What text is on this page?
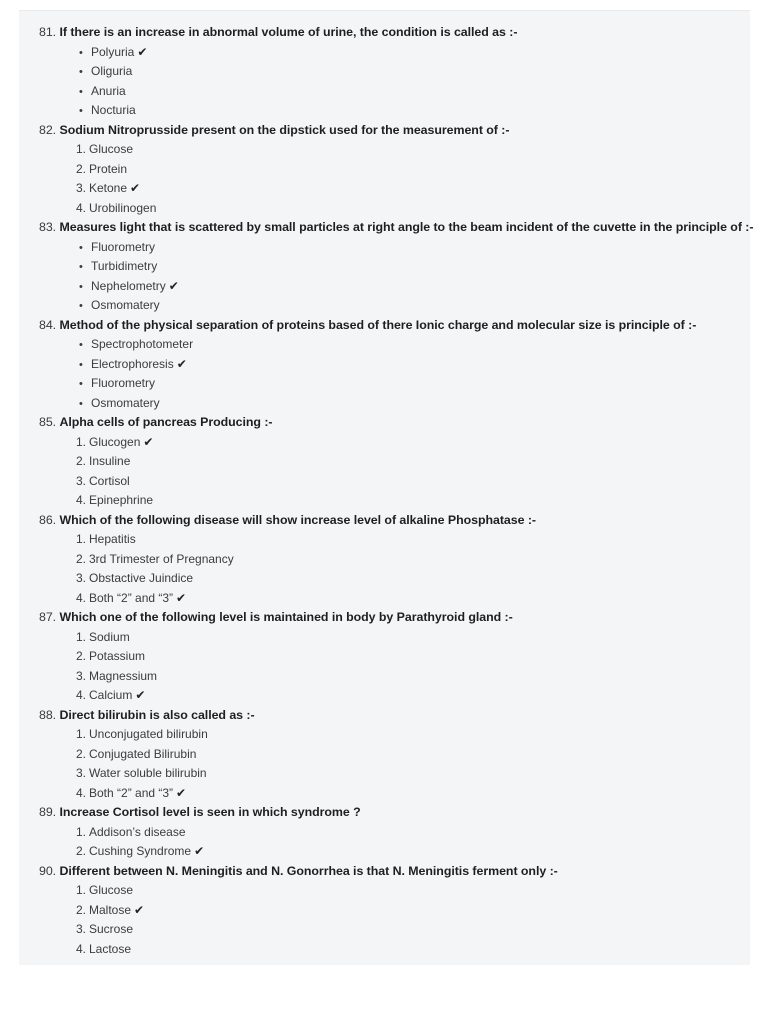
81. If there is an increase in abnormal volume of urine, the condition is called as :-
• Polyuria ✔
• Oliguria
• Anuria
• Nocturia
82. Sodium Nitroprusside present on the dipstick used for the measurement of :-
1. Glucose
2. Protein
3. Ketone ✔
4. Urobilinogen
83. Measures light that is scattered by small particles at right angle to the beam incident of the cuvette in the principle of :-
• Fluorometry
• Turbidimetry
• Nephelometry ✔
• Osmomatery
84. Method of the physical separation of proteins based of there Ionic charge and molecular size is principle of :-
• Spectrophotometer
• Electrophoresis ✔
• Fluorometry
• Osmomatery
85. Alpha cells of pancreas Producing :-
1. Glucogen ✔
2. Insuline
3. Cortisol
4. Epinephrine
86. Which of the following disease will show increase level of alkaline Phosphatase :-
1. Hepatitis
2. 3rd Trimester of Pregnancy
3. Obstactive Juindice
4. Both “2” and “3” ✔
87. Which one of the following level is maintained in body by Parathyroid gland :-
1. Sodium
2. Potassium
3. Magnessium
4. Calcium ✔
88. Direct bilirubin is also called as :-
1. Unconjugated bilirubin
2. Conjugated Bilirubin
3. Water soluble bilirubin
4. Both “2” and “3” ✔
89. Increase Cortisol level is seen in which syndrome ?
1. Addison’s disease
2. Cushing Syndrome ✔
90. Different between N. Meningitis and N. Gonorrhea is that N. Meningitis ferment only :-
1. Glucose
2. Maltose ✔
3. Sucrose
4. Lactose
